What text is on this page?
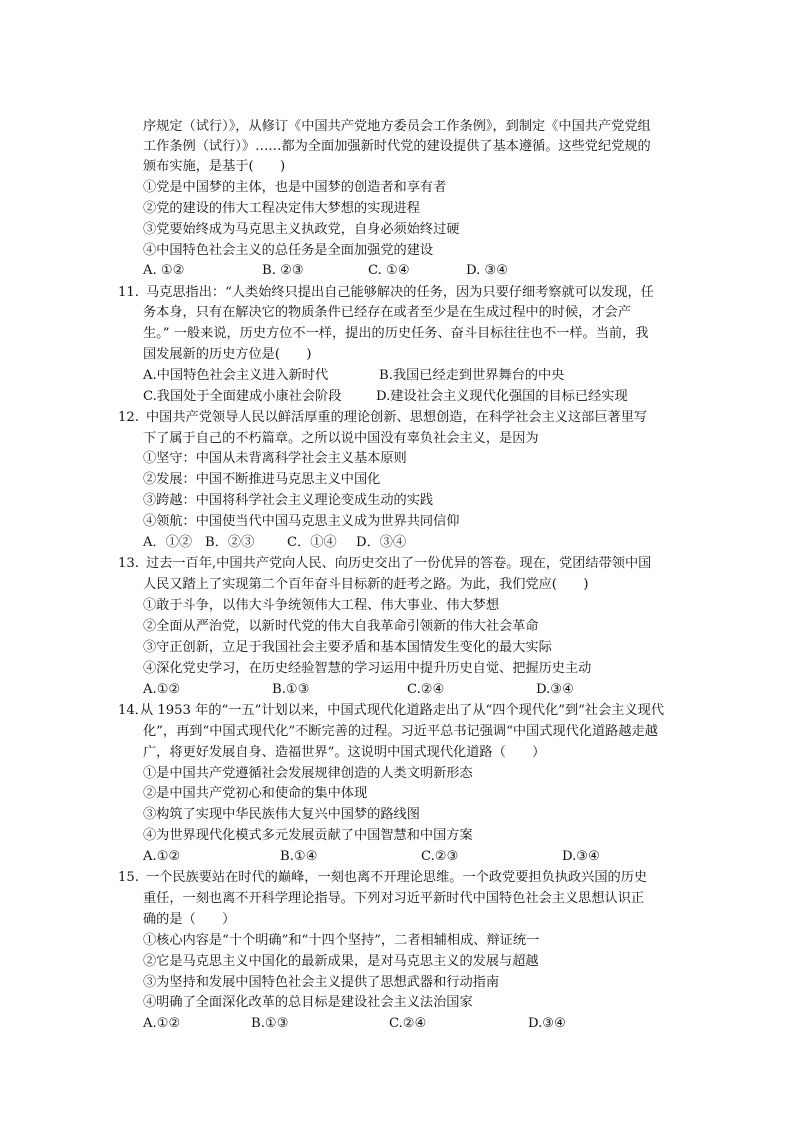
序规定（试行）》，从修订《中国共产党地方委员会工作条例》，到制定《中国共产党党组
工作条例（试行）》……都为全面加强新时代党的建设提供了基本遵循。这些党纪党规的
颁布实施，是基于(　　)
①党是中国梦的主体，也是中国梦的创造者和享有者
②党的建设的伟大工程决定伟大梦想的实现进程
③党要始终成为马克思主义执政党，自身必须始终过硬
④中国特色社会主义的总任务是全面加强党的建设
A. ①②	B. ②③	C. ①④	D. ③④
11. 马克思指出：“人类始终只提出自己能够解决的任务，因为只要仔细考察就可以发现，任
务本身，只有在解决它的物质条件已经存在或者至少是在生成过程中的时候，才会产
生。” 一般来说，历史方位不一样，提出的历史任务、奋斗目标往往也不一样。当前，我
国发展新的历史方位是(　　)
A.中国特色社会主义进入新时代	B.我国已经走到世界舞台的中央
C.我国处于全面建成小康社会阶段	D.建设社会主义现代化强国的目标已经实现
12. 中国共产党领导人民以鲜活厚重的理论创新、思想创造，在科学社会主义这部巨著里写
下了属于自己的不朽篇章。之所以说中国没有辜负社会主义，是因为
①坚守：中国从未背离科学社会主义基本原则
②发展：中国不断推进马克思主义中国化
③跨越：中国将科学社会主义理论变成生动的实践
④领航：中国使当代中国马克思主义成为世界共同信仰
A．①② B．②③ C．①④ D．③④
13. 过去一百年,中国共产党向人民、向历史交出了一份优异的答卷。现在，党团结带领中国
人民又踏上了实现第二个百年奋斗目标新的赶考之路。为此，我们党应(　　)
①敢于斗争，以伟大斗争统领伟大工程、伟大事业、伟大梦想
②全面从严治党，以新时代党的伟大自我革命引领新的伟大社会革命
③守正创新，立足于我国社会主要矛盾和基本国情发生变化的最大实际
④深化党史学习，在历史经验智慧的学习运用中提升历史自觉、把握历史主动
A.①②	B.①③	C.②④	D.③④
14．
从 1953 年的“一五”计划以来，中国式现代化道路走出了从“四个现代化”到“社会主义现代
化”，再到“中国式现代化”不断完善的过程。习近平总书记强调“中国式现代化道路越走越
广，将更好发展自身、造福世界”。这说明中国式现代化道路（　　）
①是中国共产党遵循社会发展规律创造的人类文明新形态
②是中国共产党初心和使命的集中体现
③构筑了实现中华民族伟大复兴中国梦的路线图
④为世界现代化模式多元发展贡献了中国智慧和中国方案
A.①②	B.①④	C.②③	D.③④
15. 一个民族要站在时代的巅峰，一刻也离不开理论思维。一个政党要担负执政兴国的历史
重任，一刻也离不开科学理论指导。下列对习近平新时代中国特色社会主义思想认识正
确的是（　　）
①核心内容是“十个明确”和“十四个坚持”，二者相辅相成、辩证统一
②它是马克思主义中国化的最新成果，是对马克思主义的发展与超越
③为坚持和发展中国特色社会主义提供了思想武器和行动指南
④明确了全面深化改革的总目标是建设社会主义法治国家
A.①②	B.①③	C.②④	D.③④
